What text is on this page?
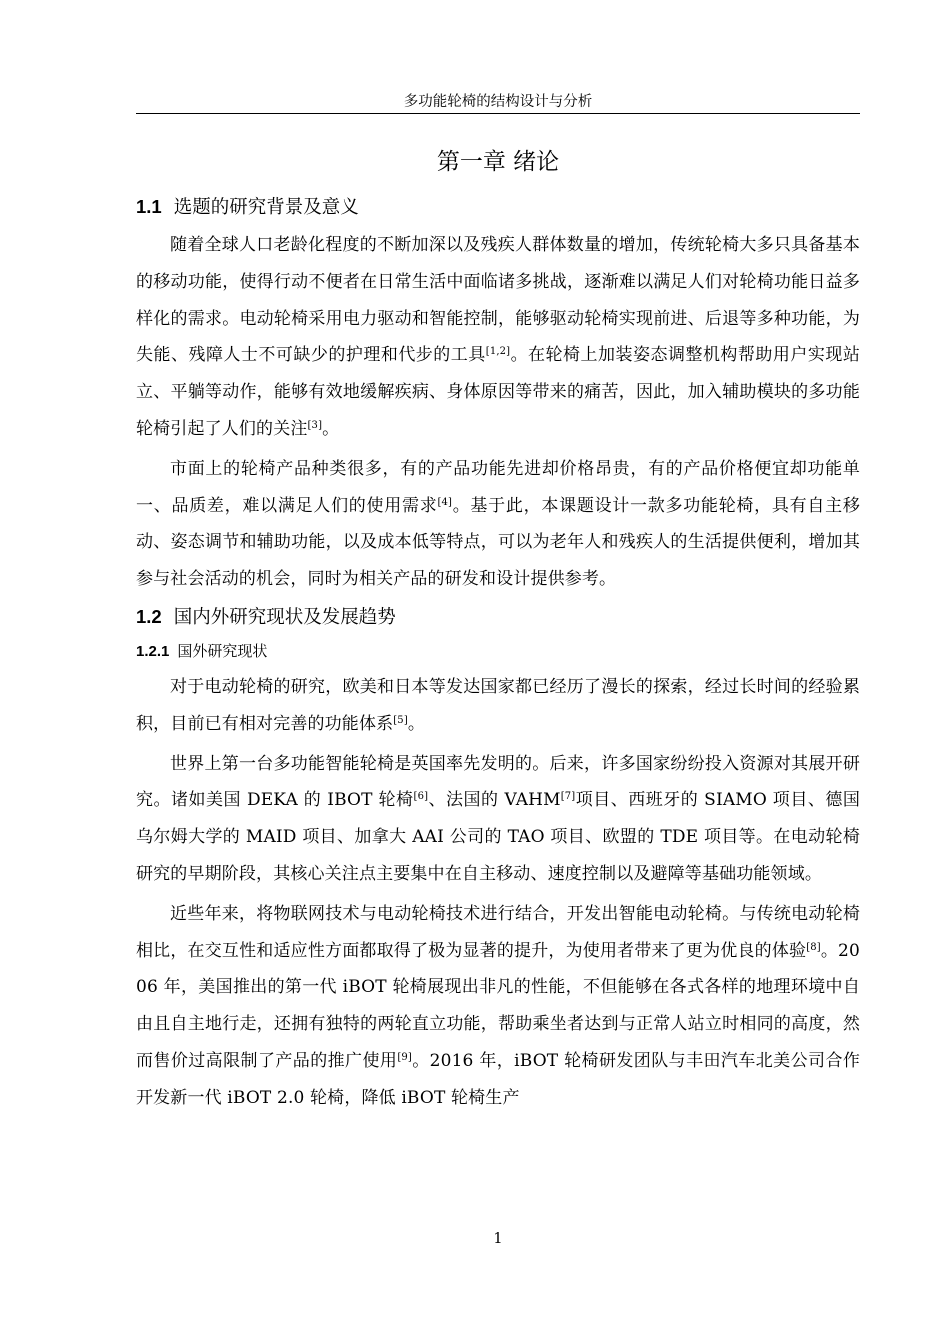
多功能轮椅的结构设计与分析
第一章 绪论
1.1 选题的研究背景及意义

随着全球人口老龄化程度的不断加深以及残疾人群体数量的增加，传统轮椅大多只具备基本的移动功能，使得行动不便者在日常生活中面临诸多挑战，逐渐难以满足人们对轮椅功能日益多样化的需求。电动轮椅采用电力驱动和智能控制，能够驱动轮椅实现前进、后退等多种功能，为失能、残障人士不可缺少的护理和代步的工具[1,2]。在轮椅上加装姿态调整机构帮助用户实现站立、平躺等动作，能够有效地缓解疾病、身体原因等带来的痛苦，因此，加入辅助模块的多功能轮椅引起了人们的关注[3]。

市面上的轮椅产品种类很多，有的产品功能先进却价格昂贵，有的产品价格便宜却功能单一、品质差，难以满足人们的使用需求[4]。基于此，本课题设计一款多功能轮椅，具有自主移动、姿态调节和辅助功能，以及成本低等特点，可以为老年人和残疾人的生活提供便利，增加其参与社会活动的机会，同时为相关产品的研发和设计提供参考。

1.2 国内外研究现状及发展趋势
1.2.1 国外研究现状

对于电动轮椅的研究，欧美和日本等发达国家都已经历了漫长的探索，经过长时间的经验累积，目前已有相对完善的功能体系[5]。

世界上第一台多功能智能轮椅是英国率先发明的。后来，许多国家纷纷投入资源对其展开研究。诸如美国 DEKA 的 IBOT 轮椅[6]、法国的 VAHM[7]项目、西班牙的 SIAMO 项目、德国乌尔姆大学的 MAID 项目、加拿大 AAI 公司的 TAO 项目、欧盟的 TDE 项目等。在电动轮椅研究的早期阶段，其核心关注点主要集中在自主移动、速度控制以及避障等基础功能领域。

近些年来，将物联网技术与电动轮椅技术进行结合，开发出智能电动轮椅。与传统电动轮椅相比，在交互性和适应性方面都取得了极为显著的提升，为使用者带来了更为优良的体验[8]。2006 年，美国推出的第一代 iBOT 轮椅展现出非凡的性能，不但能够在各式各样的地理环境中自由且自主地行走，还拥有独特的两轮直立功能，帮助乘坐者达到与正常人站立时相同的高度，然而售价过高限制了产品的推广使用[9]。2016 年，iBOT 轮椅研发团队与丰田汽车北美公司合作开发新一代 iBOT 2.0 轮椅，降低 iBOT 轮椅生产

1
